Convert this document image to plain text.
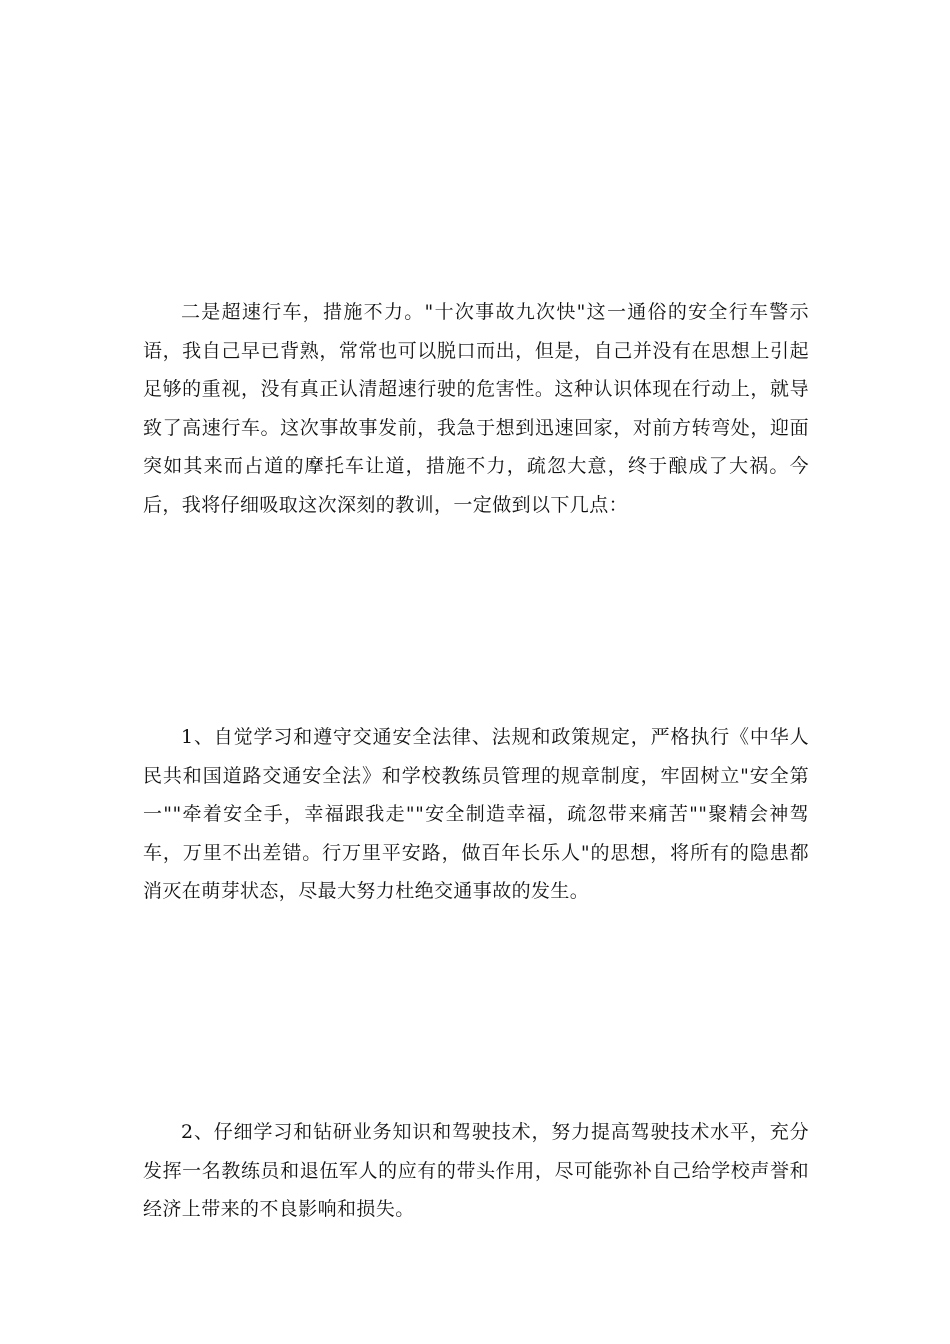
二是超速行车，措施不力。"十次事故九次快"这一通俗的安全行车警示语，我自己早已背熟，常常也可以脱口而出，但是，自己并没有在思想上引起足够的重视，没有真正认清超速行驶的危害性。这种认识体现在行动上，就导致了高速行车。这次事故事发前，我急于想到迅速回家，对前方转弯处，迎面突如其来而占道的摩托车让道，措施不力，疏忽大意，终于酿成了大祸。今后，我将仔细吸取这次深刻的教训，一定做到以下几点：

1、自觉学习和遵守交通安全法律、法规和政策规定，严格执行《中华人民共和国道路交通安全法》和学校教练员管理的规章制度，牢固树立"安全第一""牵着安全手，幸福跟我走""安全制造幸福，疏忽带来痛苦""聚精会神驾车，万里不出差错。行万里平安路，做百年长乐人"的思想，将所有的隐患都消灭在萌芽状态，尽最大努力杜绝交通事故的发生。

2、仔细学习和钻研业务知识和驾驶技术，努力提高驾驶技术水平，充分发挥一名教练员和退伍军人的应有的带头作用，尽可能弥补自己给学校声誉和经济上带来的不良影响和损失。
